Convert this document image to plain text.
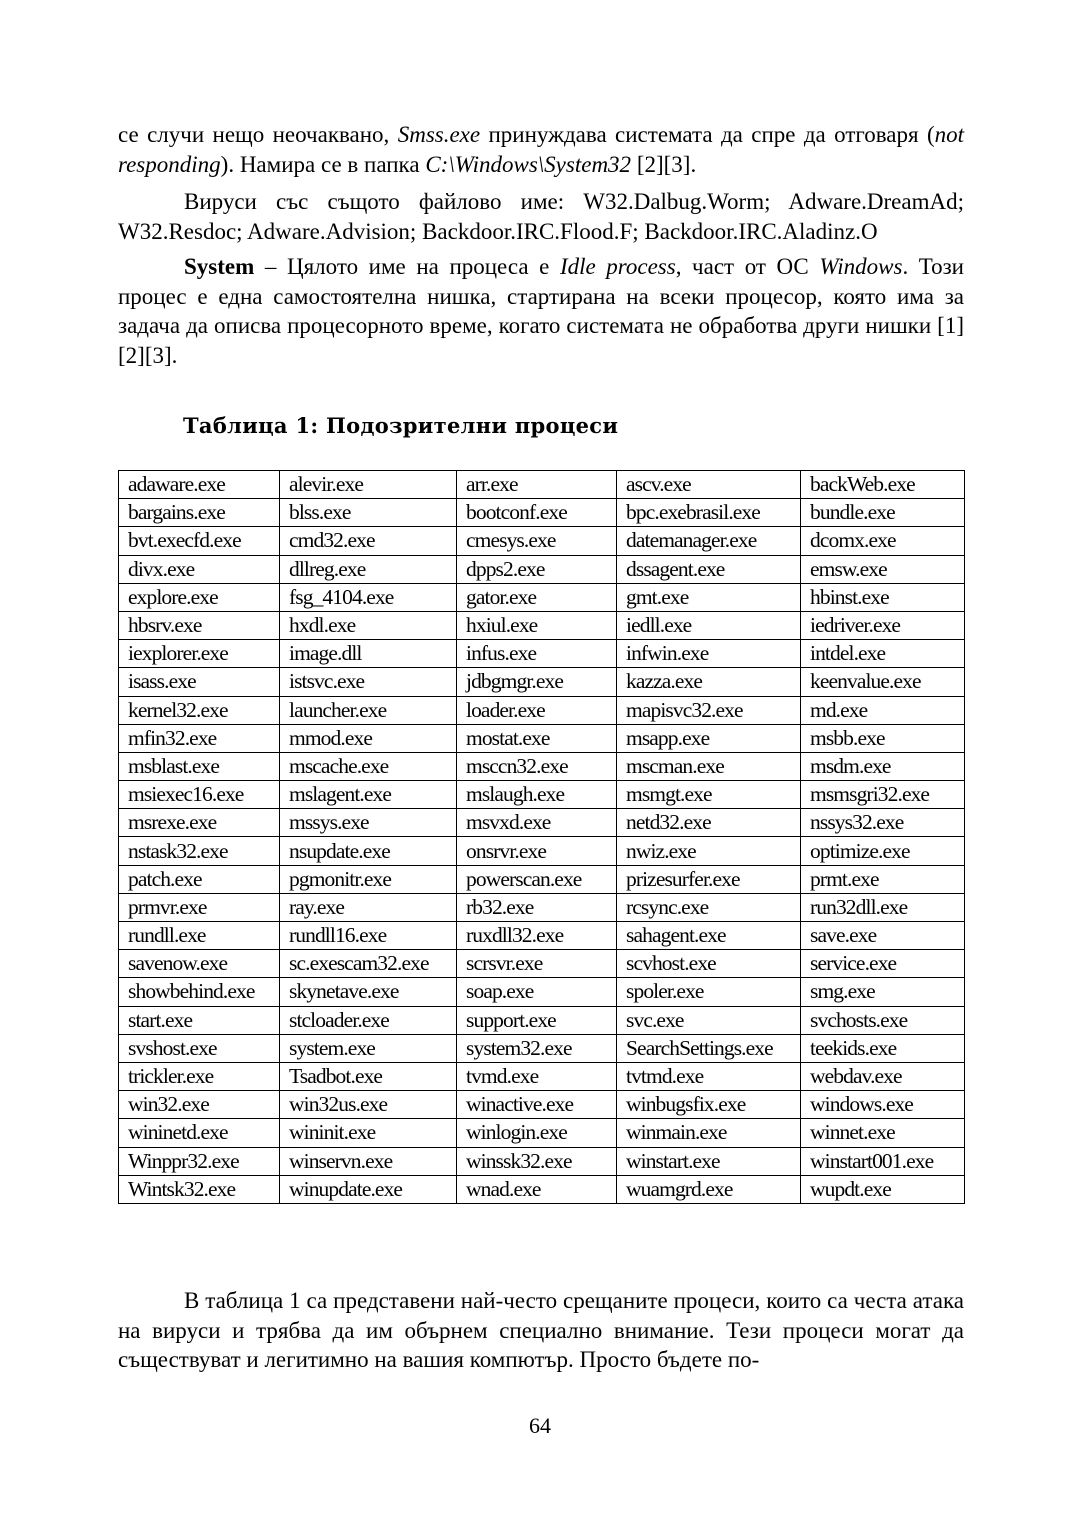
се случи нещо неочаквано, Smss.exe принуждава системата да спре да отговаря (not responding). Намира се в папка C:\Windows\System32 [2][3].

Вируси със същото файлово име: W32.Dalbug.Worm; Adware.DreamAd; W32.Resdoc; Adware.Advision; Backdoor.IRC.Flood.F; Backdoor.IRC.Aladinz.O

System – Цялото име на процеса е Idle process, част от ОС Windows. Този процес е една самостоятелна нишка, стартирана на всеки процесор, която има за задача да описва процесорното време, когато системата не обработва други нишки [1][2][3].

Таблица 1: Подозрителни процеси

adaware.exe	alevir.exe	arr.exe	ascv.exe	backWeb.exe
bargains.exe	blss.exe	bootconf.exe	bpc.exebrasil.exe	bundle.exe
bvt.execfd.exe	cmd32.exe	cmesys.exe	datemanager.exe	dcomx.exe
divx.exe	dllreg.exe	dpps2.exe	dssagent.exe	emsw.exe
explore.exe	fsg_4104.exe	gator.exe	gmt.exe	hbinst.exe
hbsrv.exe	hxdl.exe	hxiul.exe	iedll.exe	iedriver.exe
iexplorer.exe	image.dll	infus.exe	infwin.exe	intdel.exe
isass.exe	istsvc.exe	jdbgmgr.exe	kazza.exe	keenvalue.exe
kernel32.exe	launcher.exe	loader.exe	mapisvc32.exe	md.exe
mfin32.exe	mmod.exe	mostat.exe	msapp.exe	msbb.exe
msblast.exe	mscache.exe	msccn32.exe	mscman.exe	msdm.exe
msiexec16.exe	mslagent.exe	mslaugh.exe	msmgt.exe	msmsgri32.exe
msrexe.exe	mssys.exe	msvxd.exe	netd32.exe	nssys32.exe
nstask32.exe	nsupdate.exe	onsrvr.exe	nwiz.exe	optimize.exe
patch.exe	pgmonitr.exe	powerscan.exe	prizesurfer.exe	prmt.exe
prmvr.exe	ray.exe	rb32.exe	rcsync.exe	run32dll.exe
rundll.exe	rundll16.exe	ruxdll32.exe	sahagent.exe	save.exe
savenow.exe	sc.exescam32.exe	scrsvr.exe	scvhost.exe	service.exe
showbehind.exe	skynetave.exe	soap.exe	spoler.exe	smg.exe
start.exe	stcloader.exe	support.exe	svc.exe	svchosts.exe
svshost.exe	system.exe	system32.exe	SearchSettings.exe	teekids.exe
trickler.exe	Tsadbot.exe	tvmd.exe	tvtmd.exe	webdav.exe
win32.exe	win32us.exe	winactive.exe	winbugsfix.exe	windows.exe
wininetd.exe	wininit.exe	winlogin.exe	winmain.exe	winnet.exe
Winppr32.exe	winservn.exe	winssk32.exe	winstart.exe	winstart001.exe
Wintsk32.exe	winupdate.exe	wnad.exe	wuamgrd.exe	wupdt.exe

В таблица 1 са представени най-често срещаните процеси, които са честа атака на вируси и трябва да им обърнем специално внимание. Тези процеси могат да съществуват и легитимно на вашия компютър. Просто бъдете по-

64
